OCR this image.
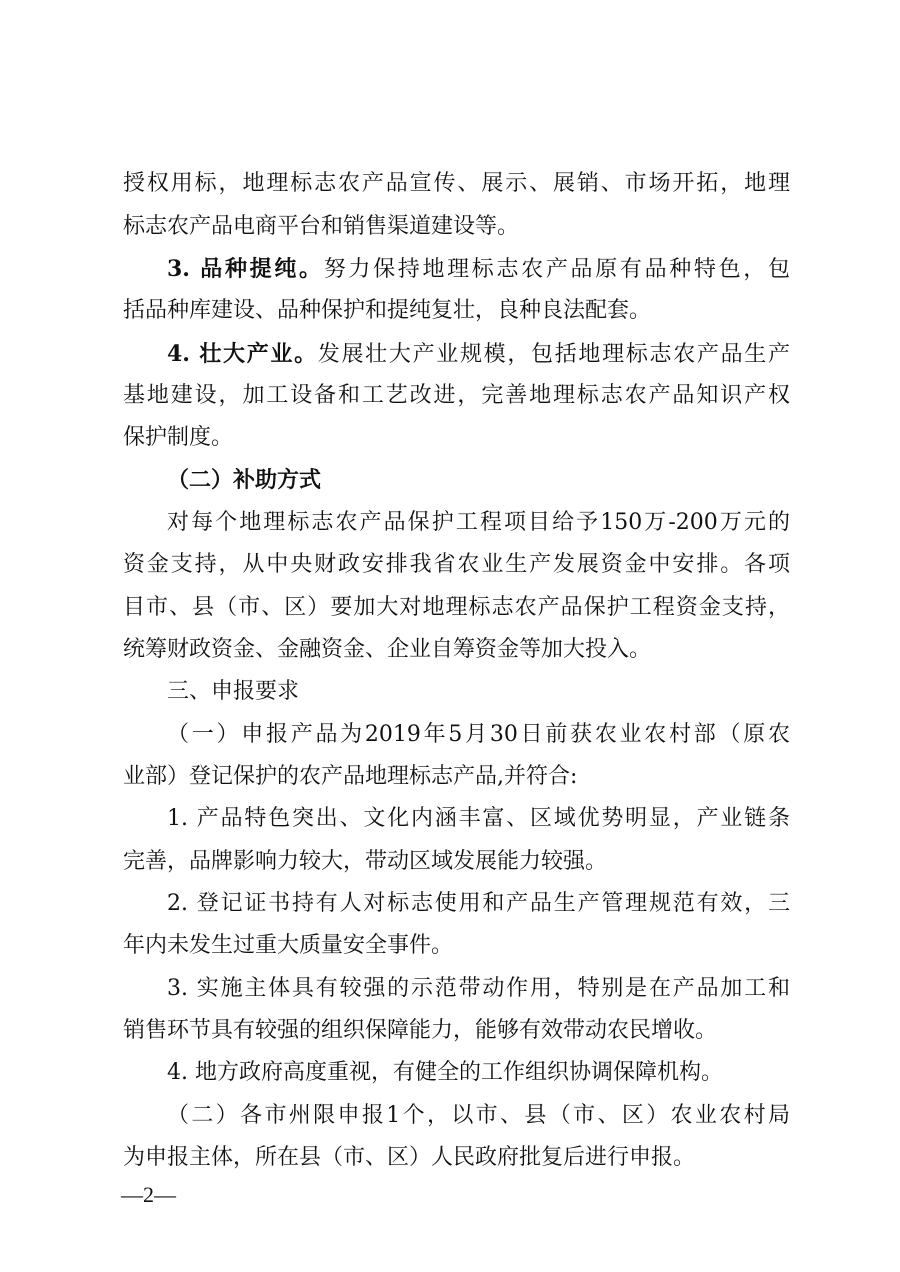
授权用标，地理标志农产品宣传、展示、展销、市场开拓，地理
标志农产品电商平台和销售渠道建设等。
3. 品种提纯。努力保持地理标志农产品原有品种特色，包
括品种库建设、品种保护和提纯复壮，良种良法配套。
4. 壮大产业。发展壮大产业规模，包括地理标志农产品生产
基地建设，加工设备和工艺改进，完善地理标志农产品知识产权
保护制度。
（二）补助方式
对每个地理标志农产品保护工程项目给予150万-200万元的
资金支持，从中央财政安排我省农业生产发展资金中安排。各项
目市、县（市、区）要加大对地理标志农产品保护工程资金支持，
统筹财政资金、金融资金、企业自筹资金等加大投入。
三、申报要求
（一）申报产品为2019年5月30日前获农业农村部（原农
业部）登记保护的农产品地理标志产品,并符合:
1. 产品特色突出、文化内涵丰富、区域优势明显，产业链条
完善，品牌影响力较大，带动区域发展能力较强。
2. 登记证书持有人对标志使用和产品生产管理规范有效，三
年内未发生过重大质量安全事件。
3. 实施主体具有较强的示范带动作用，特别是在产品加工和
销售环节具有较强的组织保障能力，能够有效带动农民增收。
4. 地方政府高度重视，有健全的工作组织协调保障机构。
（二）各市州限申报1个，以市、县（市、区）农业农村局
为申报主体，所在县（市、区）人民政府批复后进行申报。
—2—
